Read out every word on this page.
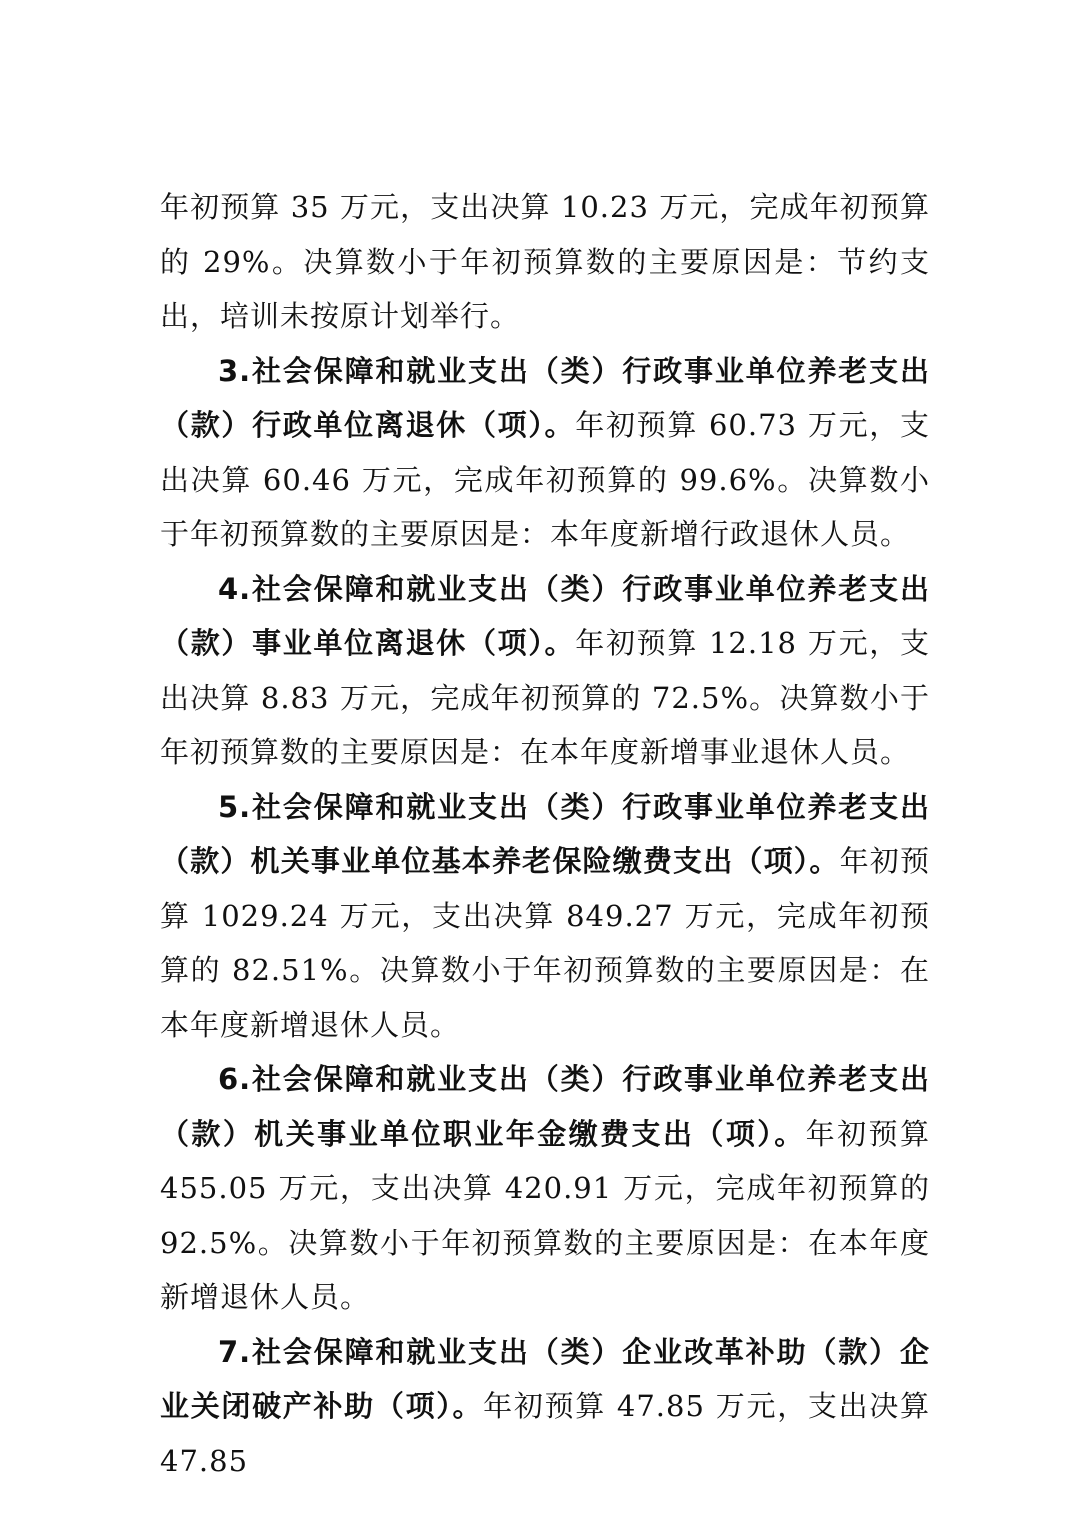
年初预算 35 万元，支出决算 10.23 万元，完成年初预算的 29%。决算数小于年初预算数的主要原因是：节约支出，培训未按原计划举行。

3.社会保障和就业支出（类）行政事业单位养老支出（款）行政单位离退休（项）。年初预算 60.73 万元，支出决算 60.46 万元，完成年初预算的 99.6%。决算数小于年初预算数的主要原因是：本年度新增行政退休人员。

4.社会保障和就业支出（类）行政事业单位养老支出（款）事业单位离退休（项）。年初预算 12.18 万元，支出决算 8.83 万元，完成年初预算的 72.5%。决算数小于年初预算数的主要原因是：在本年度新增事业退休人员。

5.社会保障和就业支出（类）行政事业单位养老支出（款）机关事业单位基本养老保险缴费支出（项）。年初预算 1029.24 万元，支出决算 849.27 万元，完成年初预算的 82.51%。决算数小于年初预算数的主要原因是：在本年度新增退休人员。

6.社会保障和就业支出（类）行政事业单位养老支出（款）机关事业单位职业年金缴费支出（项）。年初预算 455.05 万元，支出决算 420.91 万元，完成年初预算的 92.5%。决算数小于年初预算数的主要原因是：在本年度新增退休人员。

7.社会保障和就业支出（类）企业改革补助（款）企业关闭破产补助（项）。年初预算 47.85 万元，支出决算 47.85
